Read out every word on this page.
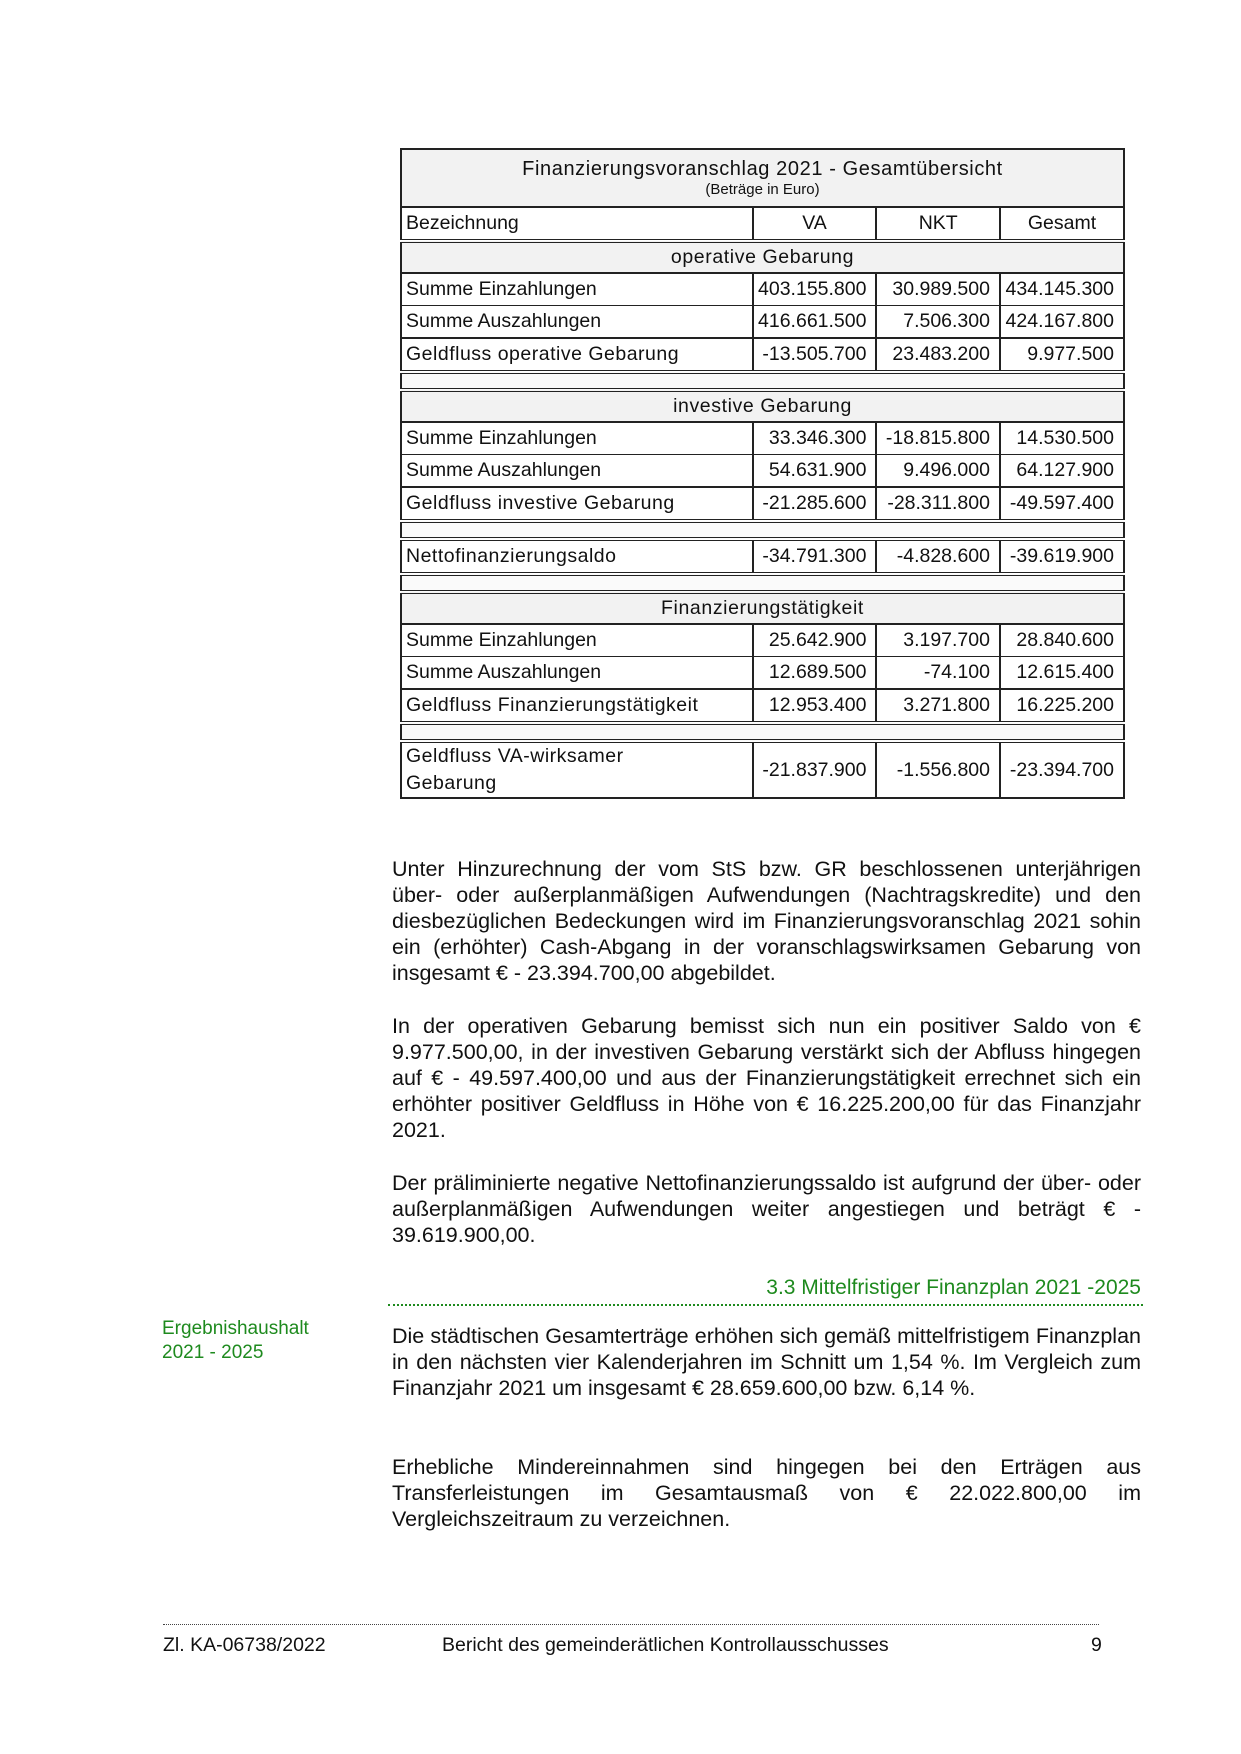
Finanzierungsvoranschlag 2021 - Gesamtübersicht
(Beträge in Euro)			

Bezeichnung	VA	NKT	Gesamt
operative Gebarung			
Summe Einzahlungen	403.155.800	30.989.500	434.145.300
Summe Auszahlungen	416.661.500	7.506.300	424.167.800
Geldfluss operative Gebarung	-13.505.700	23.483.200	9.977.500

investive Gebarung			
Summe Einzahlungen	33.346.300	-18.815.800	14.530.500
Summe Auszahlungen	54.631.900	9.496.000	64.127.900
Geldfluss investive Gebarung	-21.285.600	-28.311.800	-49.597.400

Nettofinanzierungsaldo	-34.791.300	-4.828.600	-39.619.900

Finanzierungstätigkeit			
Summe Einzahlungen	25.642.900	3.197.700	28.840.600
Summe Auszahlungen	12.689.500	-74.100	12.615.400
Geldfluss Finanzierungstätigkeit	12.953.400	3.271.800	16.225.200

Geldfluss VA-wirksamer
Gebarung	-21.837.900	-1.556.800	-23.394.700

Unter Hinzurechnung der vom StS bzw. GR beschlossenen unterjährigen über- oder außerplanmäßigen Aufwendungen (Nachtragskredite) und den diesbezüglichen Bedeckungen wird im Finanzierungsvoranschlag 2021 sohin ein (erhöhter) Cash-Abgang in der voranschlagswirksamen Gebarung von insgesamt € - 23.394.700,00 abgebildet.

In der operativen Gebarung bemisst sich nun ein positiver Saldo von € 9.977.500,00, in der investiven Gebarung verstärkt sich der Abfluss hingegen auf € - 49.597.400,00 und aus der Finanzierungstätigkeit errechnet sich ein erhöhter positiver Geldfluss in Höhe von € 16.225.200,00 für das Finanzjahr 2021.

Der präliminierte negative Nettofinanzierungssaldo ist aufgrund der über- oder außerplanmäßigen Aufwendungen weiter angestiegen und beträgt € - 39.619.900,00.

3.3 Mittelfristiger Finanzplan 2021 -2025
Ergebnishaushalt
2021 - 2025

Die städtischen Gesamterträge erhöhen sich gemäß mittelfristigem Finanzplan in den nächsten vier Kalenderjahren im Schnitt um 1,54 %. Im Vergleich zum Finanzjahr 2021 um insgesamt € 28.659.600,00 bzw. 6,14 %.

Erhebliche Mindereinnahmen sind hingegen bei den Erträgen aus Transferleistungen im Gesamtausmaß von € 22.022.800,00 im Vergleichszeitraum zu verzeichnen.

Zl. KA-06738/2022	Bericht des gemeinderätlichen Kontrollausschusses	9
